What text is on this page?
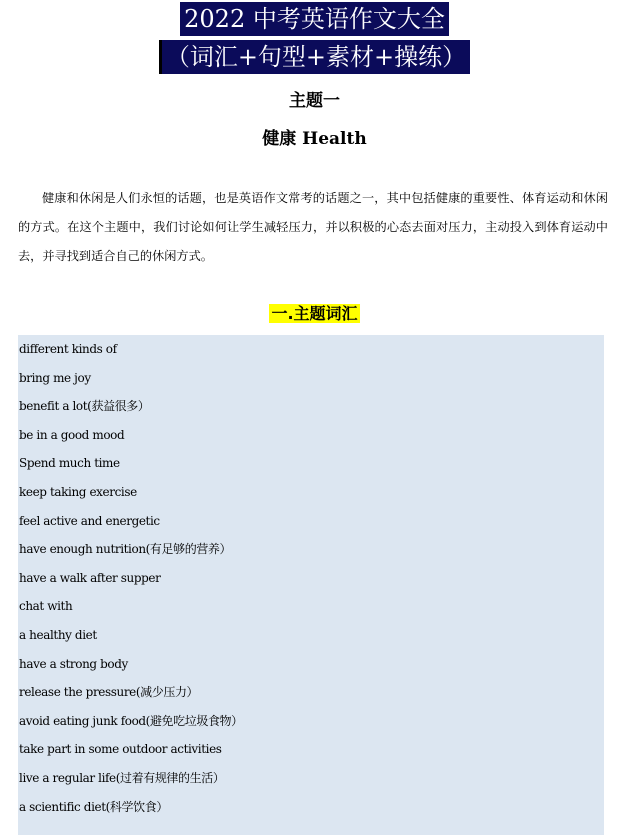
2022 中考英语作文大全
（词汇+句型+素材+操练）
主题一
健康 Health

健康和休闲是人们永恒的话题，也是英语作文常考的话题之一，其中包括健康的重要性、体育运动和休闲的方式。在这个主题中，我们讨论如何让学生减轻压力，并以积极的心态去面对压力，主动投入到体育运动中去，并寻找到适合自己的休闲方式。

一.主题词汇
different kinds of
bring me joy
benefit a lot(获益很多）
be in a good mood
Spend much time
keep taking exercise
feel active and energetic
have enough nutrition(有足够的营养）
have a walk after supper
chat with
a healthy diet
have a strong body
release the pressure(减少压力）
avoid eating junk food(避免吃垃圾食物）
take part in some outdoor activities
live a regular life(过着有规律的生活）
a scientific diet(科学饮食）
